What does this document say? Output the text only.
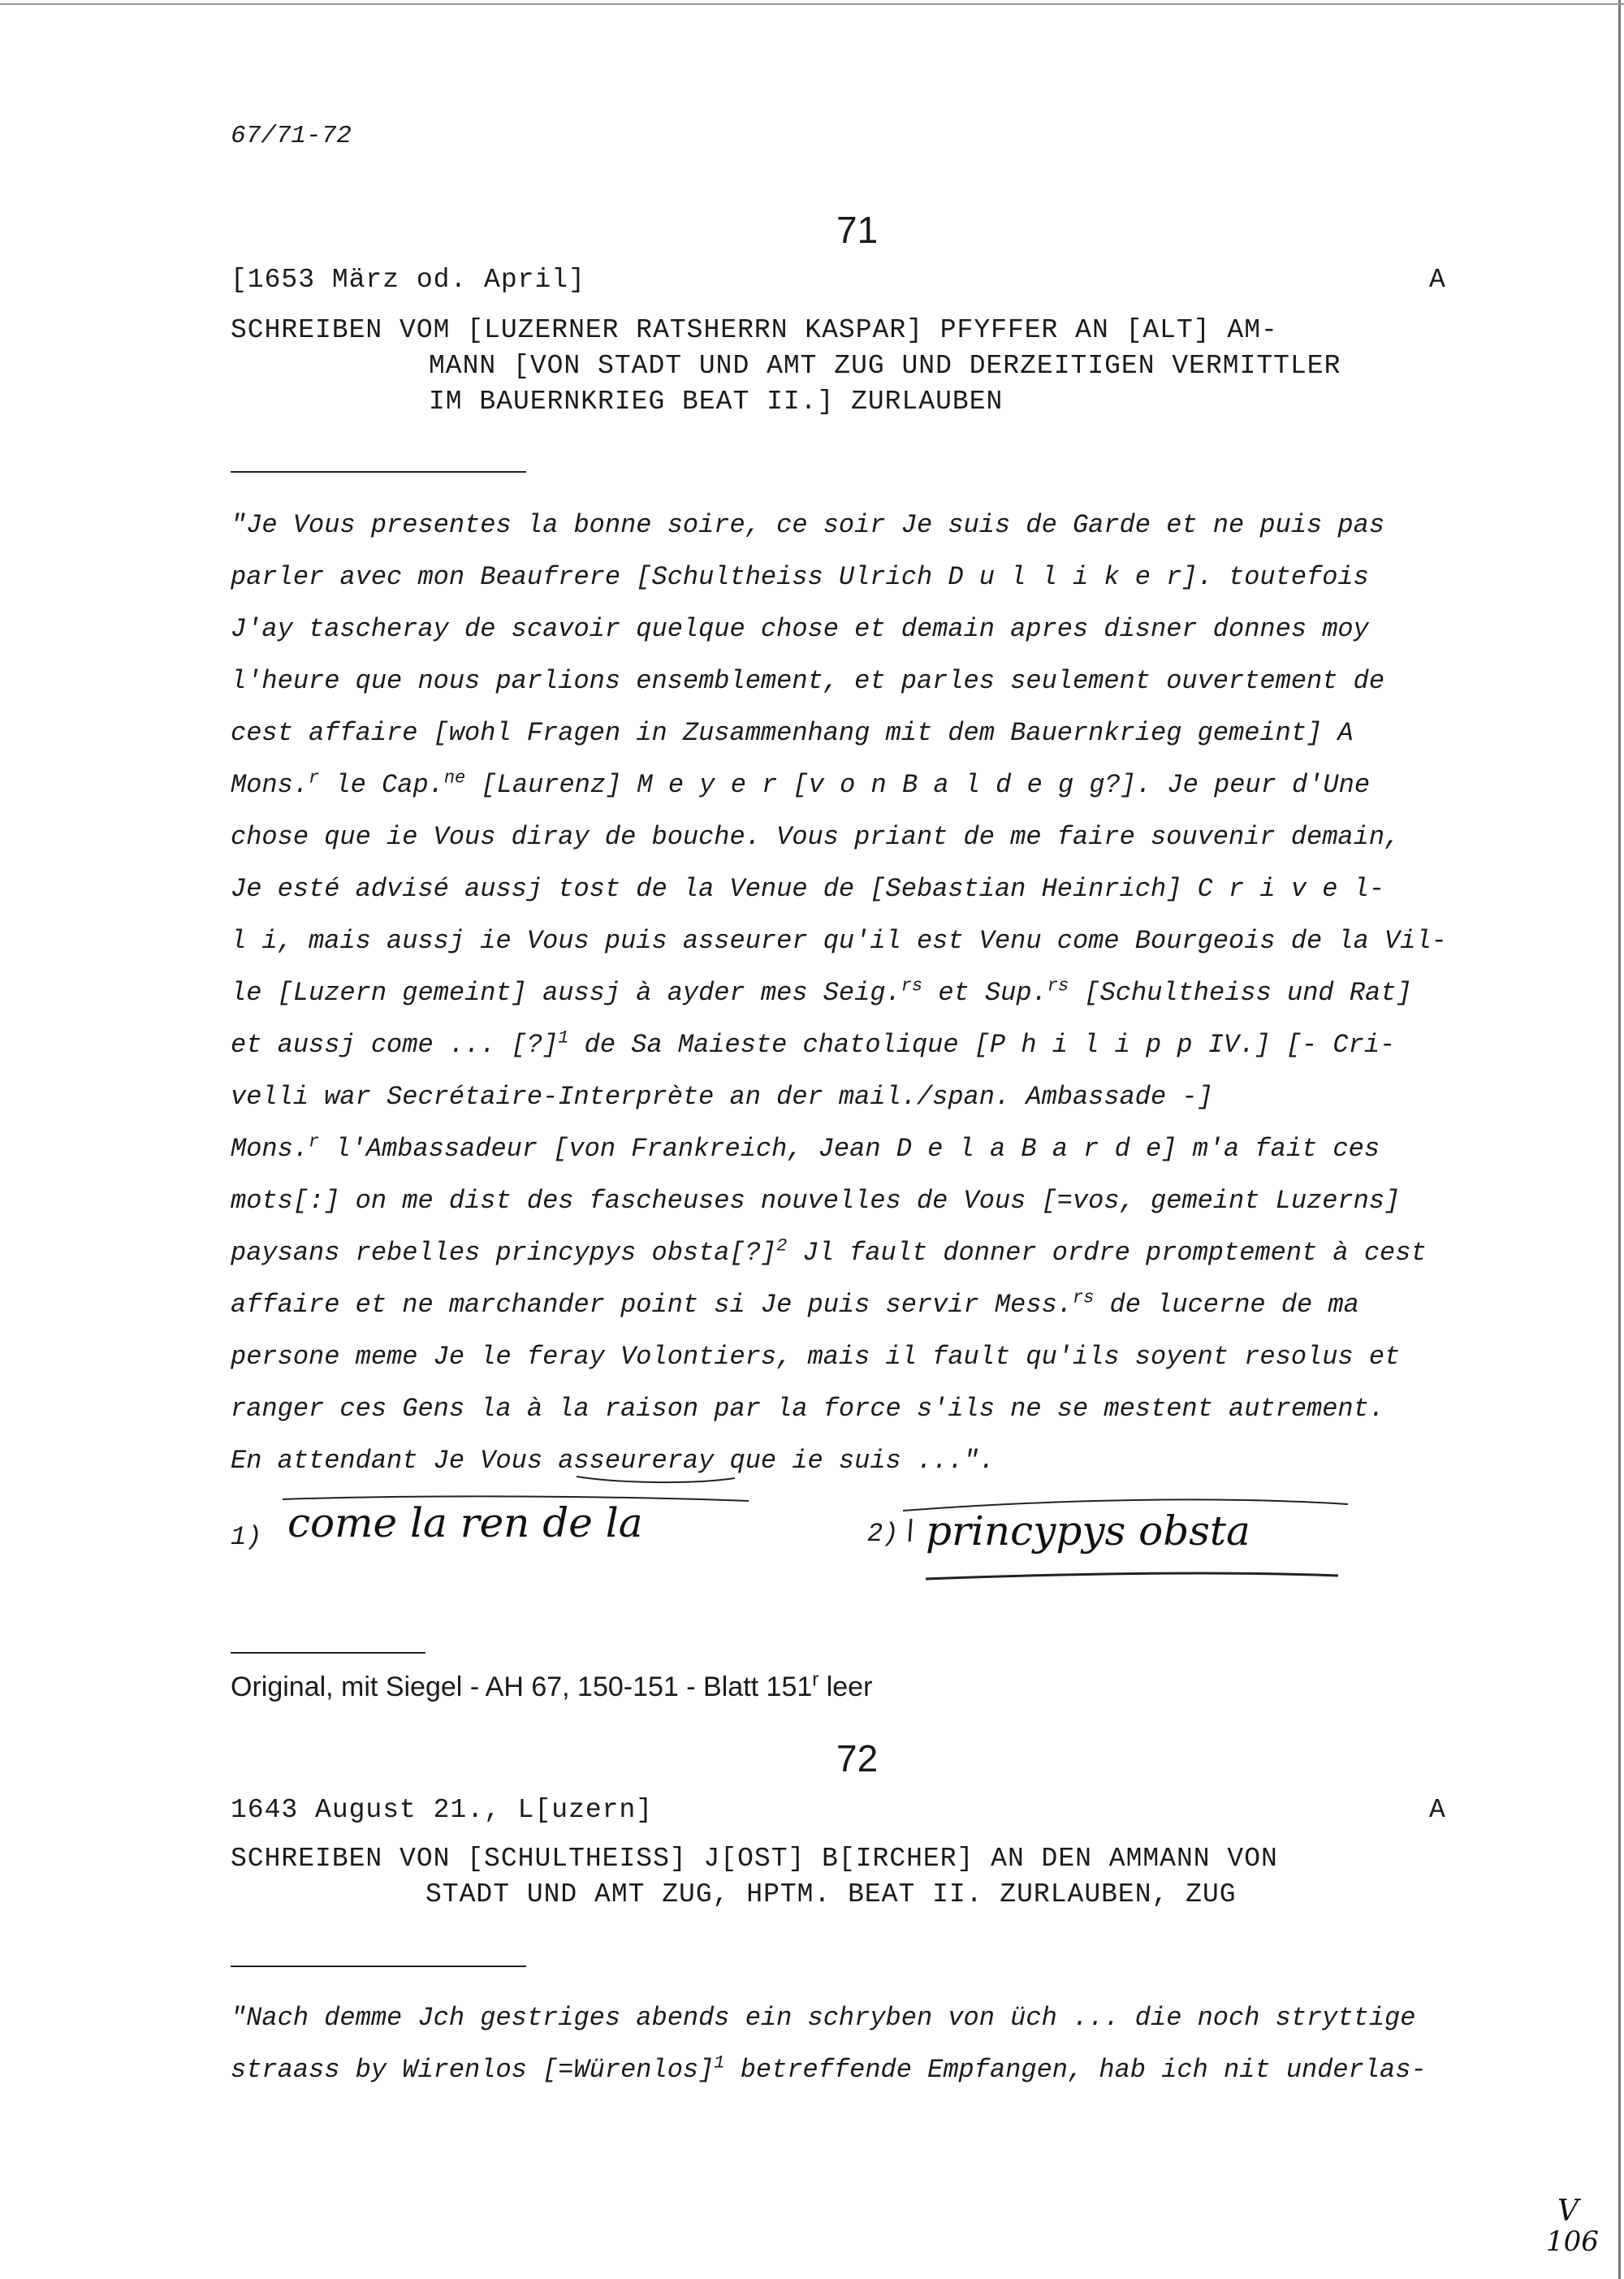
67/71-72
71
[1653 März od. April]	A
SCHREIBEN VOM [LUZERNER RATSHERRN KASPAR] PFYFFER AN [ALT] AM-
MANN [VON STADT UND AMT ZUG UND DERZEITIGEN VERMITTLER
IM BAUERNKRIEG BEAT II.] ZURLAUBEN
"Je Vous presentes la bonne soire, ce soir Je suis de Garde et ne puis pas
parler avec mon Beaufrere [Schultheiss Ulrich D u l l i k e r]. toutefois
J'ay tascheray de scavoir quelque chose et demain apres disner donnes moy
l'heure que nous parlions ensemblement, et parles seulement ouvertement de
cest affaire [wohl Fragen in Zusammenhang mit dem Bauernkrieg gemeint] A
Mons.$^r$ le Cap.$^{ne}$ [Laurenz] M e y e r [v o n B a l d e g g?]. Je peur d'Une
chose que ie Vous diray de bouche. Vous priant de me faire souvenir demain,
Je esté advisé aussj tost de la Venue de [Sebastian Heinrich] C r i v e l-
l i, mais aussj ie Vous puis asseurer qu'il est Venu come Bourgeois de la Vil-
le [Luzern gemeint] aussj à ayder mes Seig.$^{rs}$ et Sup.$^{rs}$ [Schultheiss und Rat]
et aussj come ... [?]$^1$ de Sa Maieste chatolique [P h i l i p p IV.] [- Cri-
velli war Secrétaire-Interprète an der mail./span. Ambassade -]
Mons.$^r$ l'Ambassadeur [von Frankreich, Jean D e l a B a r d e] m'a fait ces
mots[:] on me dist des fascheuses nouvelles de Vous [=vos, gemeint Luzerns]
paysans rebelles princypys obsta[?]$^2$ Jl fault donner ordre promptement à cest
affaire et ne marchander point si Je puis servir Mess.$^{rs}$ de lucerne de ma
persone meme Je le feray Volontiers, mais il fault qu'ils soyent resolus et
ranger ces Gens la à la raison par la force s'ils ne se mestent autrement.
En attendant Je Vous asseureray que ie suis ...".
1) come la ren de la	2) princypys obsta
Original, mit Siegel - AH 67, 150-151 - Blatt 151$^r$ leer
72
1643 August 21., L[uzern]	A
SCHREIBEN VON [SCHULTHEISS] J[OST] B[IRCHER] AN DEN AMMANN VON
STADT UND AMT ZUG, HPTM. BEAT II. ZURLAUBEN, ZUG
"Nach demme Jch gestriges abends ein schryben von üch ... die noch stryttige
straass by Wirenlos [=Würenlos]$^1$ betreffende Empfangen, hab ich nit underlas-
V
106
